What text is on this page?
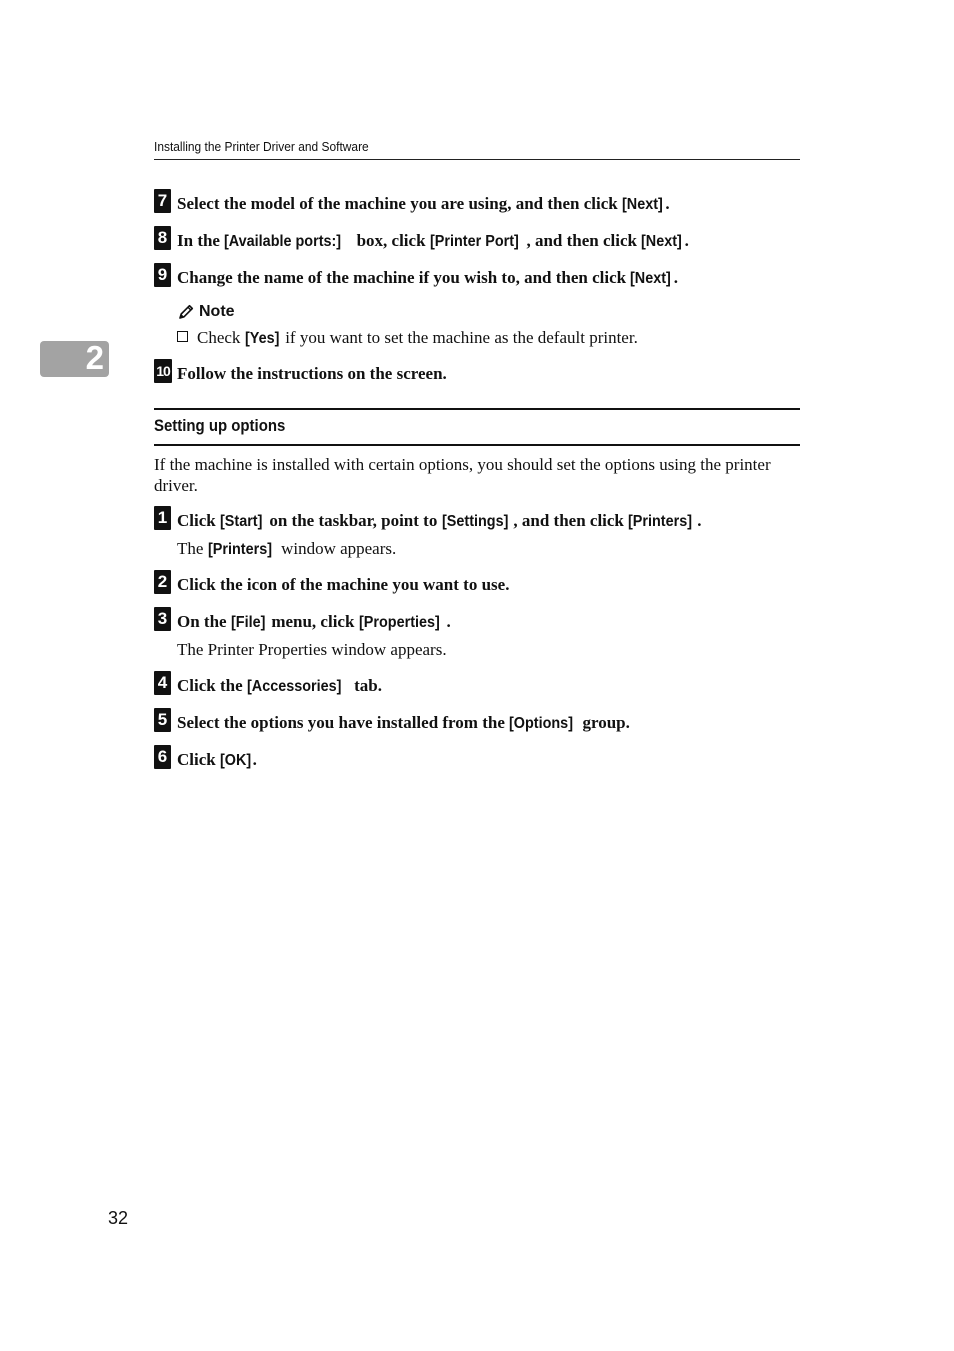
Installing the Printer Driver and Software
2
7 Select the model of the machine you are using, and then click [Next] .
8 In the [Available ports:] box, click [Printer Port] , and then click [Next] .
9 Change the name of the machine if you wish to, and then click [Next] .
Note
Check [Yes] if you want to set the machine as the default printer.
10 Follow the instructions on the screen.
Setting up options
If the machine is installed with certain options, you should set the options using the printer driver.
1 Click [Start] on the taskbar, point to [Settings] , and then click [Printers] .
The [Printers] window appears.
2 Click the icon of the machine you want to use.
3 On the [File] menu, click [Properties] .
The Printer Properties window appears.
4 Click the [Accessories] tab.
5 Select the options you have installed from the [Options] group.
6 Click [OK].
32
